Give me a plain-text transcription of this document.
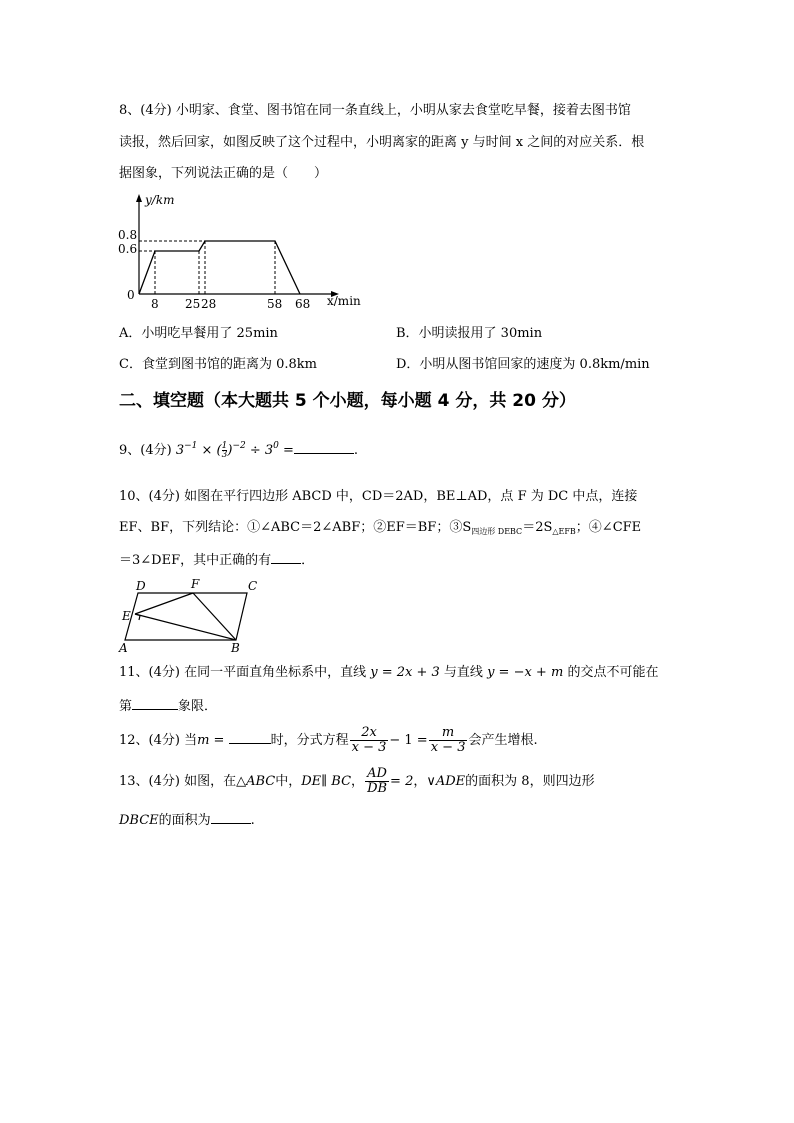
8、(4分) 小明家、食堂、图书馆在同一条直线上，小明从家去食堂吃早餐，接着去图书馆
读报，然后回家，如图反映了这个过程中，小明离家的距离 y 与时间 x 之间的对应关系．根
据图象，下列说法正确的是（　　）
y/km
x/min
0
0.8
0.6
8 25 28	58 68
A．小明吃早餐用了 25min	B．小明读报用了 30min
C．食堂到图书馆的距离为 0.8km	D．小明从图书馆回家的速度为 0.8km/min
二、填空题（本大题共 5 个小题，每小题 4 分，共 20 分）
9、(4分) $3^{-1}$ × ( $\frac{1}{3} )^{-2} \div 3^0$ =	.
10、(4分) 如图在平行四边形 ABCD 中，CD＝2AD，BE⊥AD，点 F 为 DC 中点，连接
EF、BF，下列结论：①∠ABC＝2∠ABF；②EF＝BF；$③S_{四边形 DEBC}=2S_{\triangle EFB}$；④∠CFE
＝3∠DEF，其中正确的有 ．
D	F	C
E
A	B
11、(4分) 在同一平面直角坐标系中，直线 y = 2x + 3 与直线 y = −x + m 的交点不可能在
第	象限．
12、(4分) 当m =	时，分式方程 $\frac{2x}{x - 3} - 1 = \frac{m}{x - 3}$ 会产生增根.
13、(4分) 如图，在△ABC中，DE∥ BC， $\frac{AD}{DB} = 2$，∨ADE的面积为 8，则四边形
DBCE的面积为	.
